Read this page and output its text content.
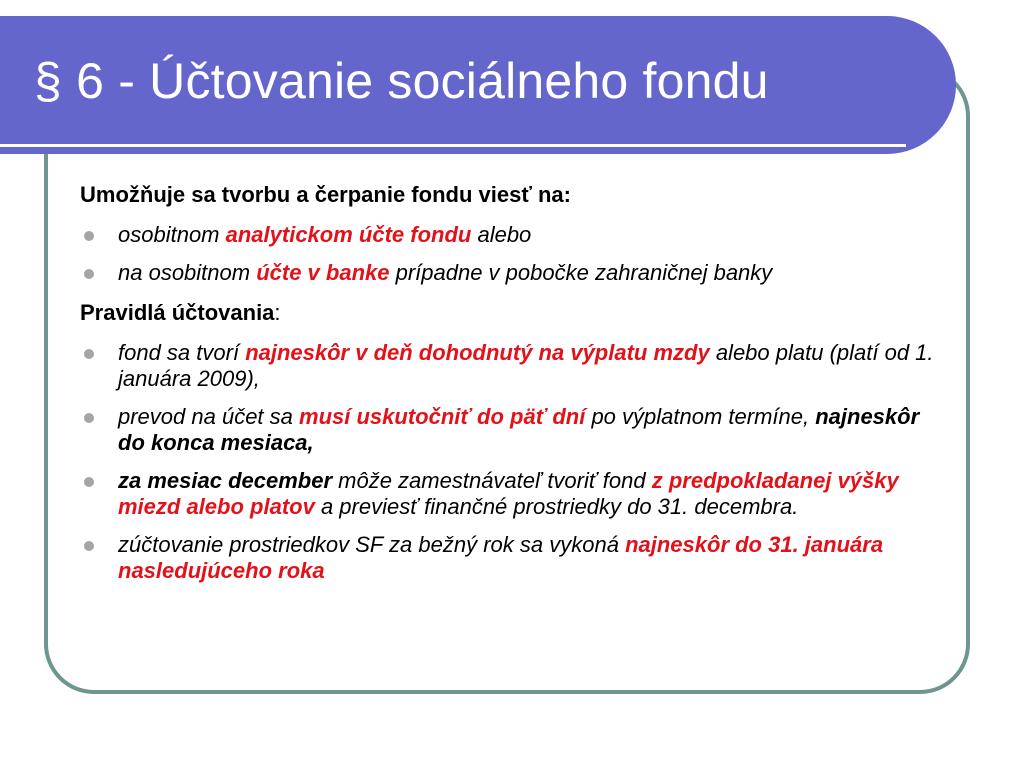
§ 6 - Účtovanie sociálneho fondu
Umožňuje sa tvorbu a čerpanie fondu viesť na:
osobitnom analytickom účte fondu alebo
na osobitnom účte v banke prípadne v pobočke zahraničnej banky
Pravidlá účtovania:
fond sa tvorí najneskôr v deň dohodnutý na výplatu mzdy alebo platu (platí od 1. januára 2009),
prevod na účet sa musí uskutočniť do päť dní po výplatnom termíne, najneskôr do konca mesiaca,
za mesiac december môže zamestnávateľ tvoriť fond z predpokladanej výšky miezd alebo platov a previesť finančné prostriedky do 31. decembra.
zúčtovanie prostriedkov SF za bežný rok sa vykoná najneskôr do 31. januára nasledujúceho roka
